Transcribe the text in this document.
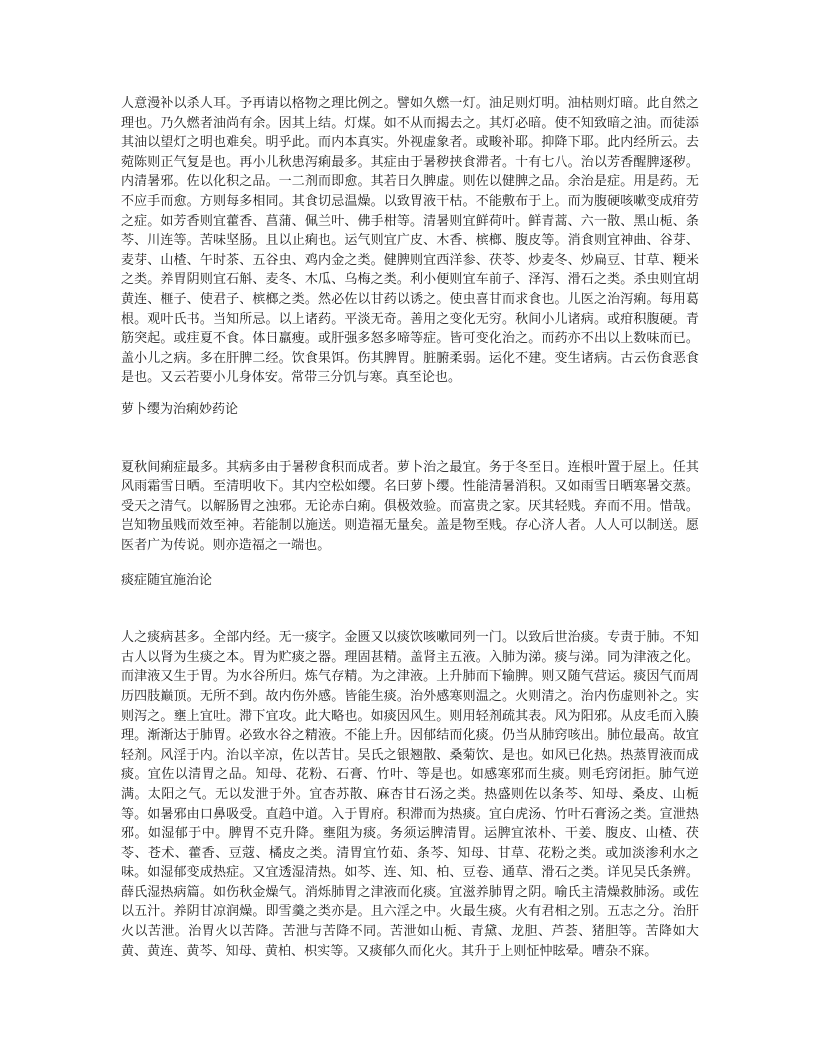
人意漫补以杀人耳。予再请以格物之理比例之。譬如久燃一灯。油足则灯明。油枯则灯暗。此自然之理也。乃久燃者油尚有余。因其上结。灯煤。如不从而揭去之。其灯必暗。使不知致暗之油。而徒添其油以望灯之明也难矣。明乎此。而内本真实。外视虚象者。或畯补耶。抑降下耶。此内经所云。去菀陈则正气复是也。再小儿秋患泻痢最多。其症由于暑秽挟食滞者。十有七八。治以芳香醒脾逐秽。内清暑邪。佐以化积之品。一二剂而即愈。其若日久脾虚。则佐以健脾之品。余治是症。用是药。无不应手而愈。方则每多相同。其食切忌温燥。以致胃液干枯。不能敷布于上。而为腹硬咳嗽变成疳劳之症。如芳香则宜藿香、菖蒲、佩兰叶、佛手柑等。清暑则宜鲜荷叶。鲜青蒿、六一散、黑山栀、条芩、川连等。苦味坚肠。且以止痢也。运气则宜广皮、木香、槟榔、腹皮等。消食则宜神曲、谷芽、麦芽、山楂、午时茶、五谷虫、鸡内金之类。健脾则宜西洋参、茯苓、炒麦冬、炒扁豆、甘草、粳米之类。养胃阴则宜石斛、麦冬、木瓜、乌梅之类。利小便则宜车前子、泽泻、滑石之类。杀虫则宜胡黄连、榧子、使君子、槟榔之类。然必佐以甘药以诱之。使虫喜甘而求食也。儿医之治泻痢。每用葛根。观叶氏书。当知所忌。以上诸药。平淡无奇。善用之变化无穷。秋间小儿诸病。或疳积腹硬。青筋突起。或疰夏不食。体日羸瘦。或肝强多怒多啼等症。皆可变化治之。而药亦不出以上数味而已。盖小儿之病。多在肝脾二经。饮食果饵。伤其脾胃。脏腑柔弱。运化不建。变生诸病。古云伤食恶食是也。又云若要小儿身体安。常带三分饥与寒。真至论也。

萝卜缨为治痢妙药论

夏秋间痢症最多。其病多由于暑秽食积而成者。萝卜治之最宜。务于冬至日。连根叶置于屋上。任其风雨霜雪日晒。至清明收下。其内空松如缨。名曰萝卜缨。性能清暑消积。又如雨雪日晒寒暑交蒸。受天之清气。以解肠胃之浊邪。无论赤白痢。俱极效验。而富贵之家。厌其轻贱。弃而不用。惜哉。岂知物虽贱而效至神。若能制以施送。则造福无量矣。盖是物至贱。存心济人者。人人可以制送。愿医者广为传说。则亦造福之一端也。

痰症随宜施治论

人之痰病甚多。全部内经。无一痰字。金匮又以痰饮咳嗽同列一门。以致后世治痰。专责于肺。不知古人以肾为生痰之本。胃为贮痰之器。理固甚精。盖肾主五液。入肺为涕。痰与涕。同为津液之化。而津液又生于胃。为水谷所归。炼气存精。为之津液。上升肺而下输脾。则又随气营运。痰因气而周历四肢巅顶。无所不到。故内伤外感。皆能生痰。治外感寒则温之。火则清之。治内伤虚则补之。实则泻之。壅上宜吐。滞下宜攻。此大略也。如痰因风生。则用轻剂疏其表。风为阳邪。从皮毛而入腠理。渐渐达于肺胃。必致水谷之精液。不能上升。因郁结而化痰。仍当从肺窍咳出。肺位最高。故宜轻剂。风淫于内。治以辛凉，佐以苦甘。吴氏之银翘散、桑菊饮、是也。如风已化热。热蒸胃液而成痰。宜佐以清胃之品。知母、花粉、石膏、竹叶、等是也。如感寒邪而生痰。则毛窍闭拒。肺气逆满。太阳之气。无以发泄于外。宜杏苏散、麻杏甘石汤之类。热盛则佐以条芩、知母、桑皮、山栀等。如暑邪由口鼻吸受。直趋中道。入于胃府。积滞而为热痰。宜白虎汤、竹叶石膏汤之类。宣泄热邪。如湿郁于中。脾胃不克升降。壅阻为痰。务须运脾清胃。运脾宜浓朴、干姜、腹皮、山楂、茯苓、苍术、藿香、豆蔻、橘皮之类。清胃宜竹茹、条芩、知母、甘草、花粉之类。或加淡渗利水之味。如湿郁变成热症。又宜透湿清热。如芩、连、知、柏、豆卷、通草、滑石之类。详见吴氏条辨。薛氏湿热病篇。如伤秋金燥气。消烁肺胃之津液而化痰。宜滋养肺胃之阴。喻氏主清燥救肺汤。或佐以五汁。养阴甘凉润燥。即雪羹之类亦是。且六淫之中。火最生痰。火有君相之别。五志之分。治肝火以苦泄。治胃火以苦降。苦泄与苦降不同。苦泄如山栀、青黛、龙胆、芦荟、猪胆等。苦降如大黄、黄连、黄芩、知母、黄柏、枳实等。又痰郁久而化火。其升于上则怔忡眩晕。嘈杂不寐。
